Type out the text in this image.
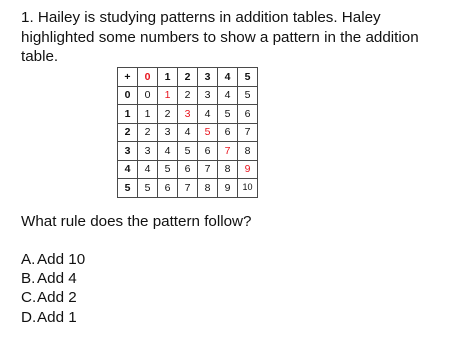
1. Hailey is studying patterns in addition tables. Haley highlighted some numbers to show a pattern in the addition table.

+	0	1	2	3	4	5
0	0	1	2	3	4	5
1	1	2	3	4	5	6
2	2	3	4	5	6	7
3	3	4	5	6	7	8
4	4	5	6	7	8	9
5	5	6	7	8	9	10

What rule does the pattern follow?

A. Add 10
B. Add 4
C. Add 2
D. Add 1
